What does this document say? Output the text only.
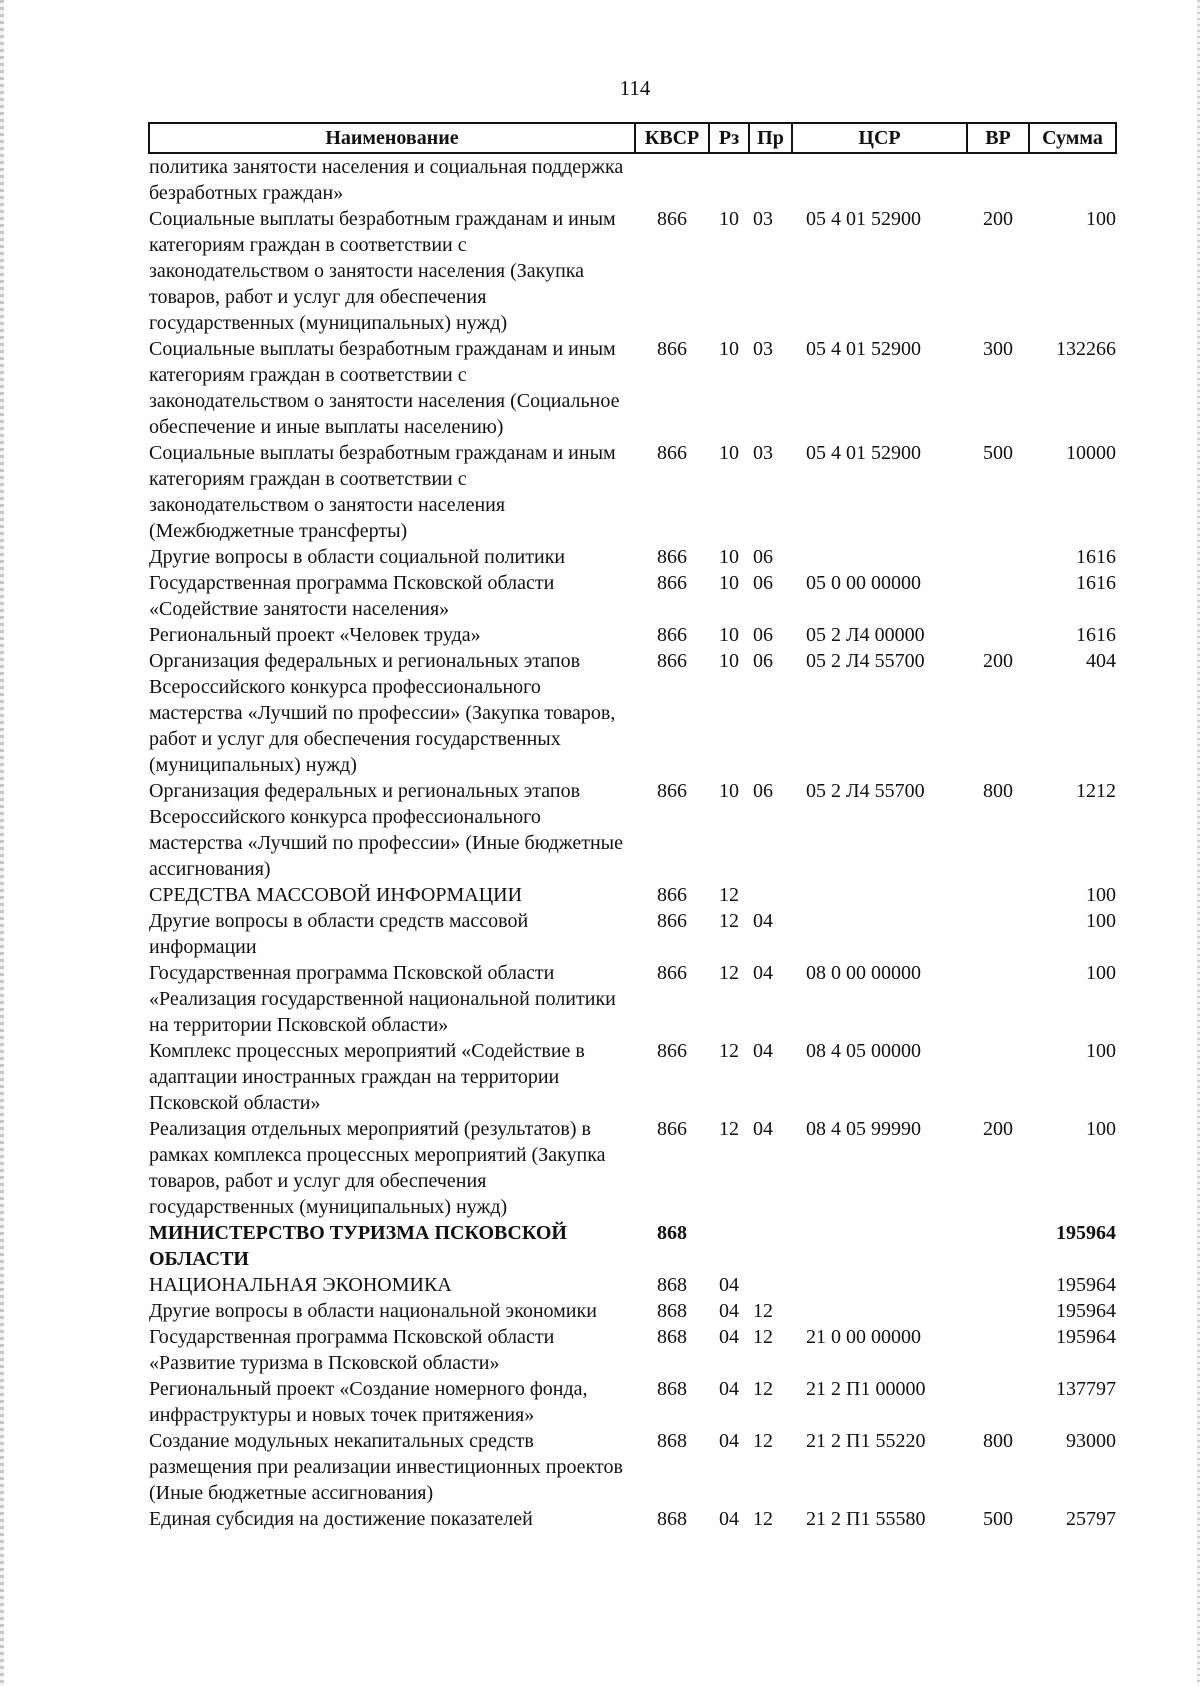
114
Наименование	КВСР	Рз	Пр	ЦСР	ВР	Сумма
политика занятости населения и социальная поддержка безработных граждан»						
Социальные выплаты безработным гражданам и иным категориям граждан в соответствии с законодательством о занятости населения (Закупка товаров, работ и услуг для обеспечения государственных (муниципальных) нужд)	866	10	03	05 4 01 52900	200	100
Социальные выплаты безработным гражданам и иным категориям граждан в соответствии с законодательством о занятости населения (Социальное обеспечение и иные выплаты населению)	866	10	03	05 4 01 52900	300	132266
Социальные выплаты безработным гражданам и иным категориям граждан в соответствии с законодательством о занятости населения (Межбюджетные трансферты)	866	10	03	05 4 01 52900	500	10000
Другие вопросы в области социальной политики	866	10	06			1616
Государственная программа Псковской области «Содействие занятости населения»	866	10	06	05 0 00 00000		1616
Региональный проект «Человек труда»	866	10	06	05 2 Л4 00000		1616
Организация федеральных и региональных этапов Всероссийского конкурса профессионального мастерства «Лучший по профессии» (Закупка товаров, работ и услуг для обеспечения государственных (муниципальных) нужд)	866	10	06	05 2 Л4 55700	200	404
Организация федеральных и региональных этапов Всероссийского конкурса профессионального мастерства «Лучший по профессии» (Иные бюджетные ассигнования)	866	10	06	05 2 Л4 55700	800	1212
СРЕДСТВА МАССОВОЙ ИНФОРМАЦИИ	866	12				100
Другие вопросы в области средств массовой информации	866	12	04			100
Государственная программа Псковской области «Реализация государственной национальной политики на территории Псковской области»	866	12	04	08 0 00 00000		100
Комплекс процессных мероприятий «Содействие в адаптации иностранных граждан на территории Псковской области»	866	12	04	08 4 05 00000		100
Реализация отдельных мероприятий (результатов) в рамках комплекса процессных мероприятий (Закупка товаров, работ и услуг для обеспечения государственных (муниципальных) нужд)	866	12	04	08 4 05 99990	200	100
МИНИСТЕРСТВО ТУРИЗМА ПСКОВСКОЙ ОБЛАСТИ	868					195964
НАЦИОНАЛЬНАЯ ЭКОНОМИКА	868	04				195964
Другие вопросы в области национальной экономики	868	04	12			195964
Государственная программа Псковской области «Развитие туризма в Псковской области»	868	04	12	21 0 00 00000		195964
Региональный проект «Создание номерного фонда, инфраструктуры и новых точек притяжения»	868	04	12	21 2 П1 00000		137797
Создание модульных некапитальных средств размещения при реализации инвестиционных проектов (Иные бюджетные ассигнования)	868	04	12	21 2 П1 55220	800	93000
Единая субсидия на достижение показателей	868	04	12	21 2 П1 55580	500	25797
